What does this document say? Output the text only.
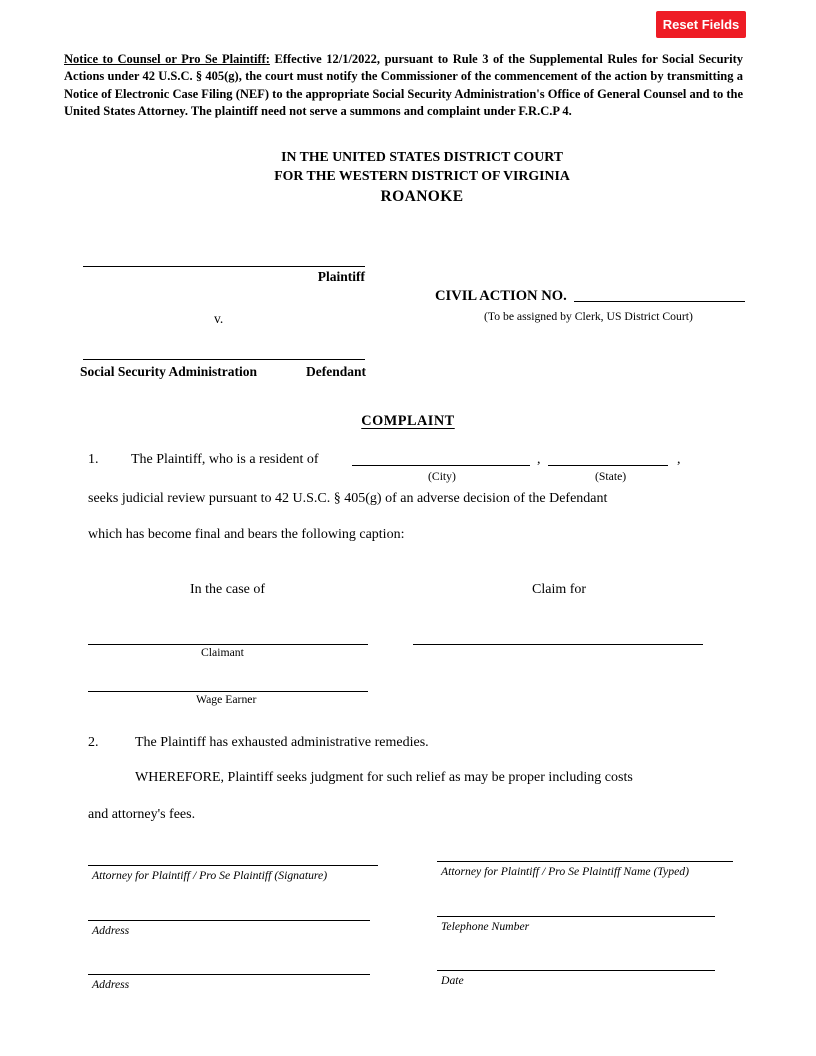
Reset Fields

Notice to Counsel or Pro Se Plaintiff: Effective 12/1/2022, pursuant to Rule 3 of the Supplemental Rules for Social Security Actions under 42 U.S.C. § 405(g), the court must notify the Commissioner of the commencement of the action by transmitting a Notice of Electronic Case Filing (NEF) to the appropriate Social Security Administration's Office of General Counsel and to the United States Attorney. The plaintiff need not serve a summons and complaint under F.R.C.P 4.

IN THE UNITED STATES DISTRICT COURT
FOR THE WESTERN DISTRICT OF VIRGINIA
ROANOKE
Plaintiff
CIVIL ACTION NO.
(To be assigned by Clerk, US District Court)
v.
Social Security Administration	Defendant
COMPLAINT
1. The Plaintiff, who is a resident of	,	,
(City)	(State)
seeks judicial review pursuant to 42 U.S.C. § 405(g) of an adverse decision of the Defendant
which has become final and bears the following caption:
In the case of	Claim for
Claimant
Wage Earner
2.	The Plaintiff has exhausted administrative remedies.
WHEREFORE, Plaintiff seeks judgment for such relief as may be proper including costs
and attorney's fees.
Attorney for Plaintiff / Pro Se Plaintiff (Signature)	Attorney for Plaintiff / Pro Se Plaintiff Name (Typed)
Address	Telephone Number
Address	Date
